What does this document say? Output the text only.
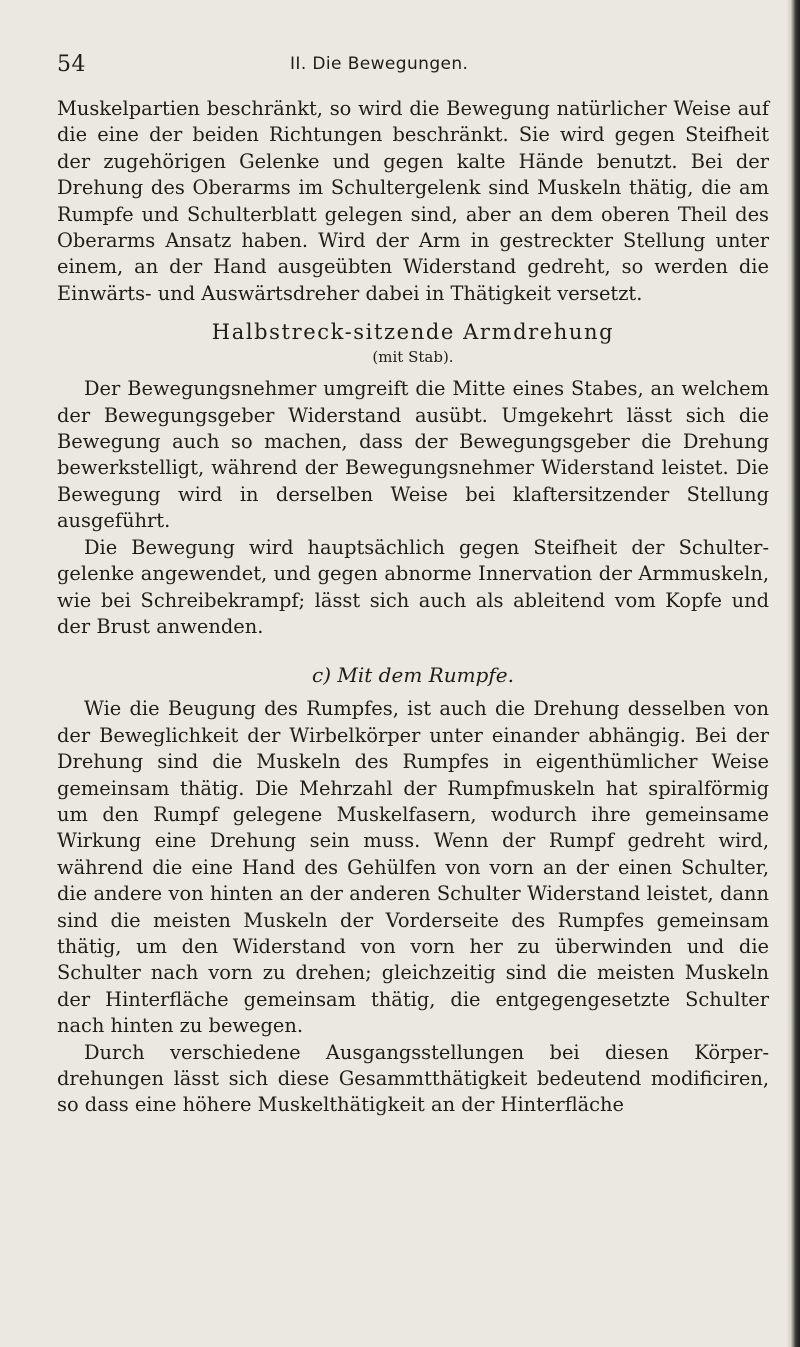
54	II. Die Bewegungen.

Muskelpartien beschränkt, so wird die Bewegung natürlicher Weise auf die eine der beiden Richtungen beschränkt. Sie wird gegen Steifheit der zugehörigen Gelenke und gegen kalte Hände benutzt. Bei der Drehung des Oberarms im Schultergelenk sind Muskeln thätig, die am Rumpfe und Schulterblatt gelegen sind, aber an dem oberen Theil des Oberarms Ansatz haben. Wird der Arm in gestreckter Stellung unter einem, an der Hand ausgeübten Widerstand gedreht, so werden die Einwärts- und Auswärtsdreher dabei in Thätigkeit versetzt.

Halbstreck-sitzende Armdrehung
(mit Stab).

Der Bewegungsnehmer umgreift die Mitte eines Stabes, an welchem der Bewegungsgeber Widerstand ausübt. Umgekehrt lässt sich die Bewegung auch so machen, dass der Bewegungsgeber die Drehung bewerkstelligt, während der Bewegungsnehmer Widerstand leistet. Die Bewegung wird in derselben Weise bei klaftersitzender Stellung ausgeführt.

Die Bewegung wird hauptsächlich gegen Steifheit der Schultergelenke angewendet, und gegen abnorme Innervation der Armmuskeln, wie bei Schreibekrampf; lässt sich auch als ableitend vom Kopfe und der Brust anwenden.

c) Mit dem Rumpfe.

Wie die Beugung des Rumpfes, ist auch die Drehung desselben von der Beweglichkeit der Wirbelkörper unter einander abhängig. Bei der Drehung sind die Muskeln des Rumpfes in eigenthümlicher Weise gemeinsam thätig. Die Mehrzahl der Rumpfmuskeln hat spiralförmig um den Rumpf gelegene Muskelfasern, wodurch ihre gemeinsame Wirkung eine Drehung sein muss. Wenn der Rumpf gedreht wird, während die eine Hand des Gehülfen von vorn an der einen Schulter, die andere von hinten an der anderen Schulter Widerstand leistet, dann sind die meisten Muskeln der Vorderseite des Rumpfes gemeinsam thätig, um den Widerstand von vorn her zu überwinden und die Schulter nach vorn zu drehen; gleichzeitig sind die meisten Muskeln der Hinterfläche gemeinsam thätig, die entgegengesetzte Schulter nach hinten zu bewegen.

Durch verschiedene Ausgangsstellungen bei diesen Körperdrehungen lässt sich diese Gesammtthätigkeit bedeutend modificiren, so dass eine höhere Muskelthätigkeit an der Hinterfläche
